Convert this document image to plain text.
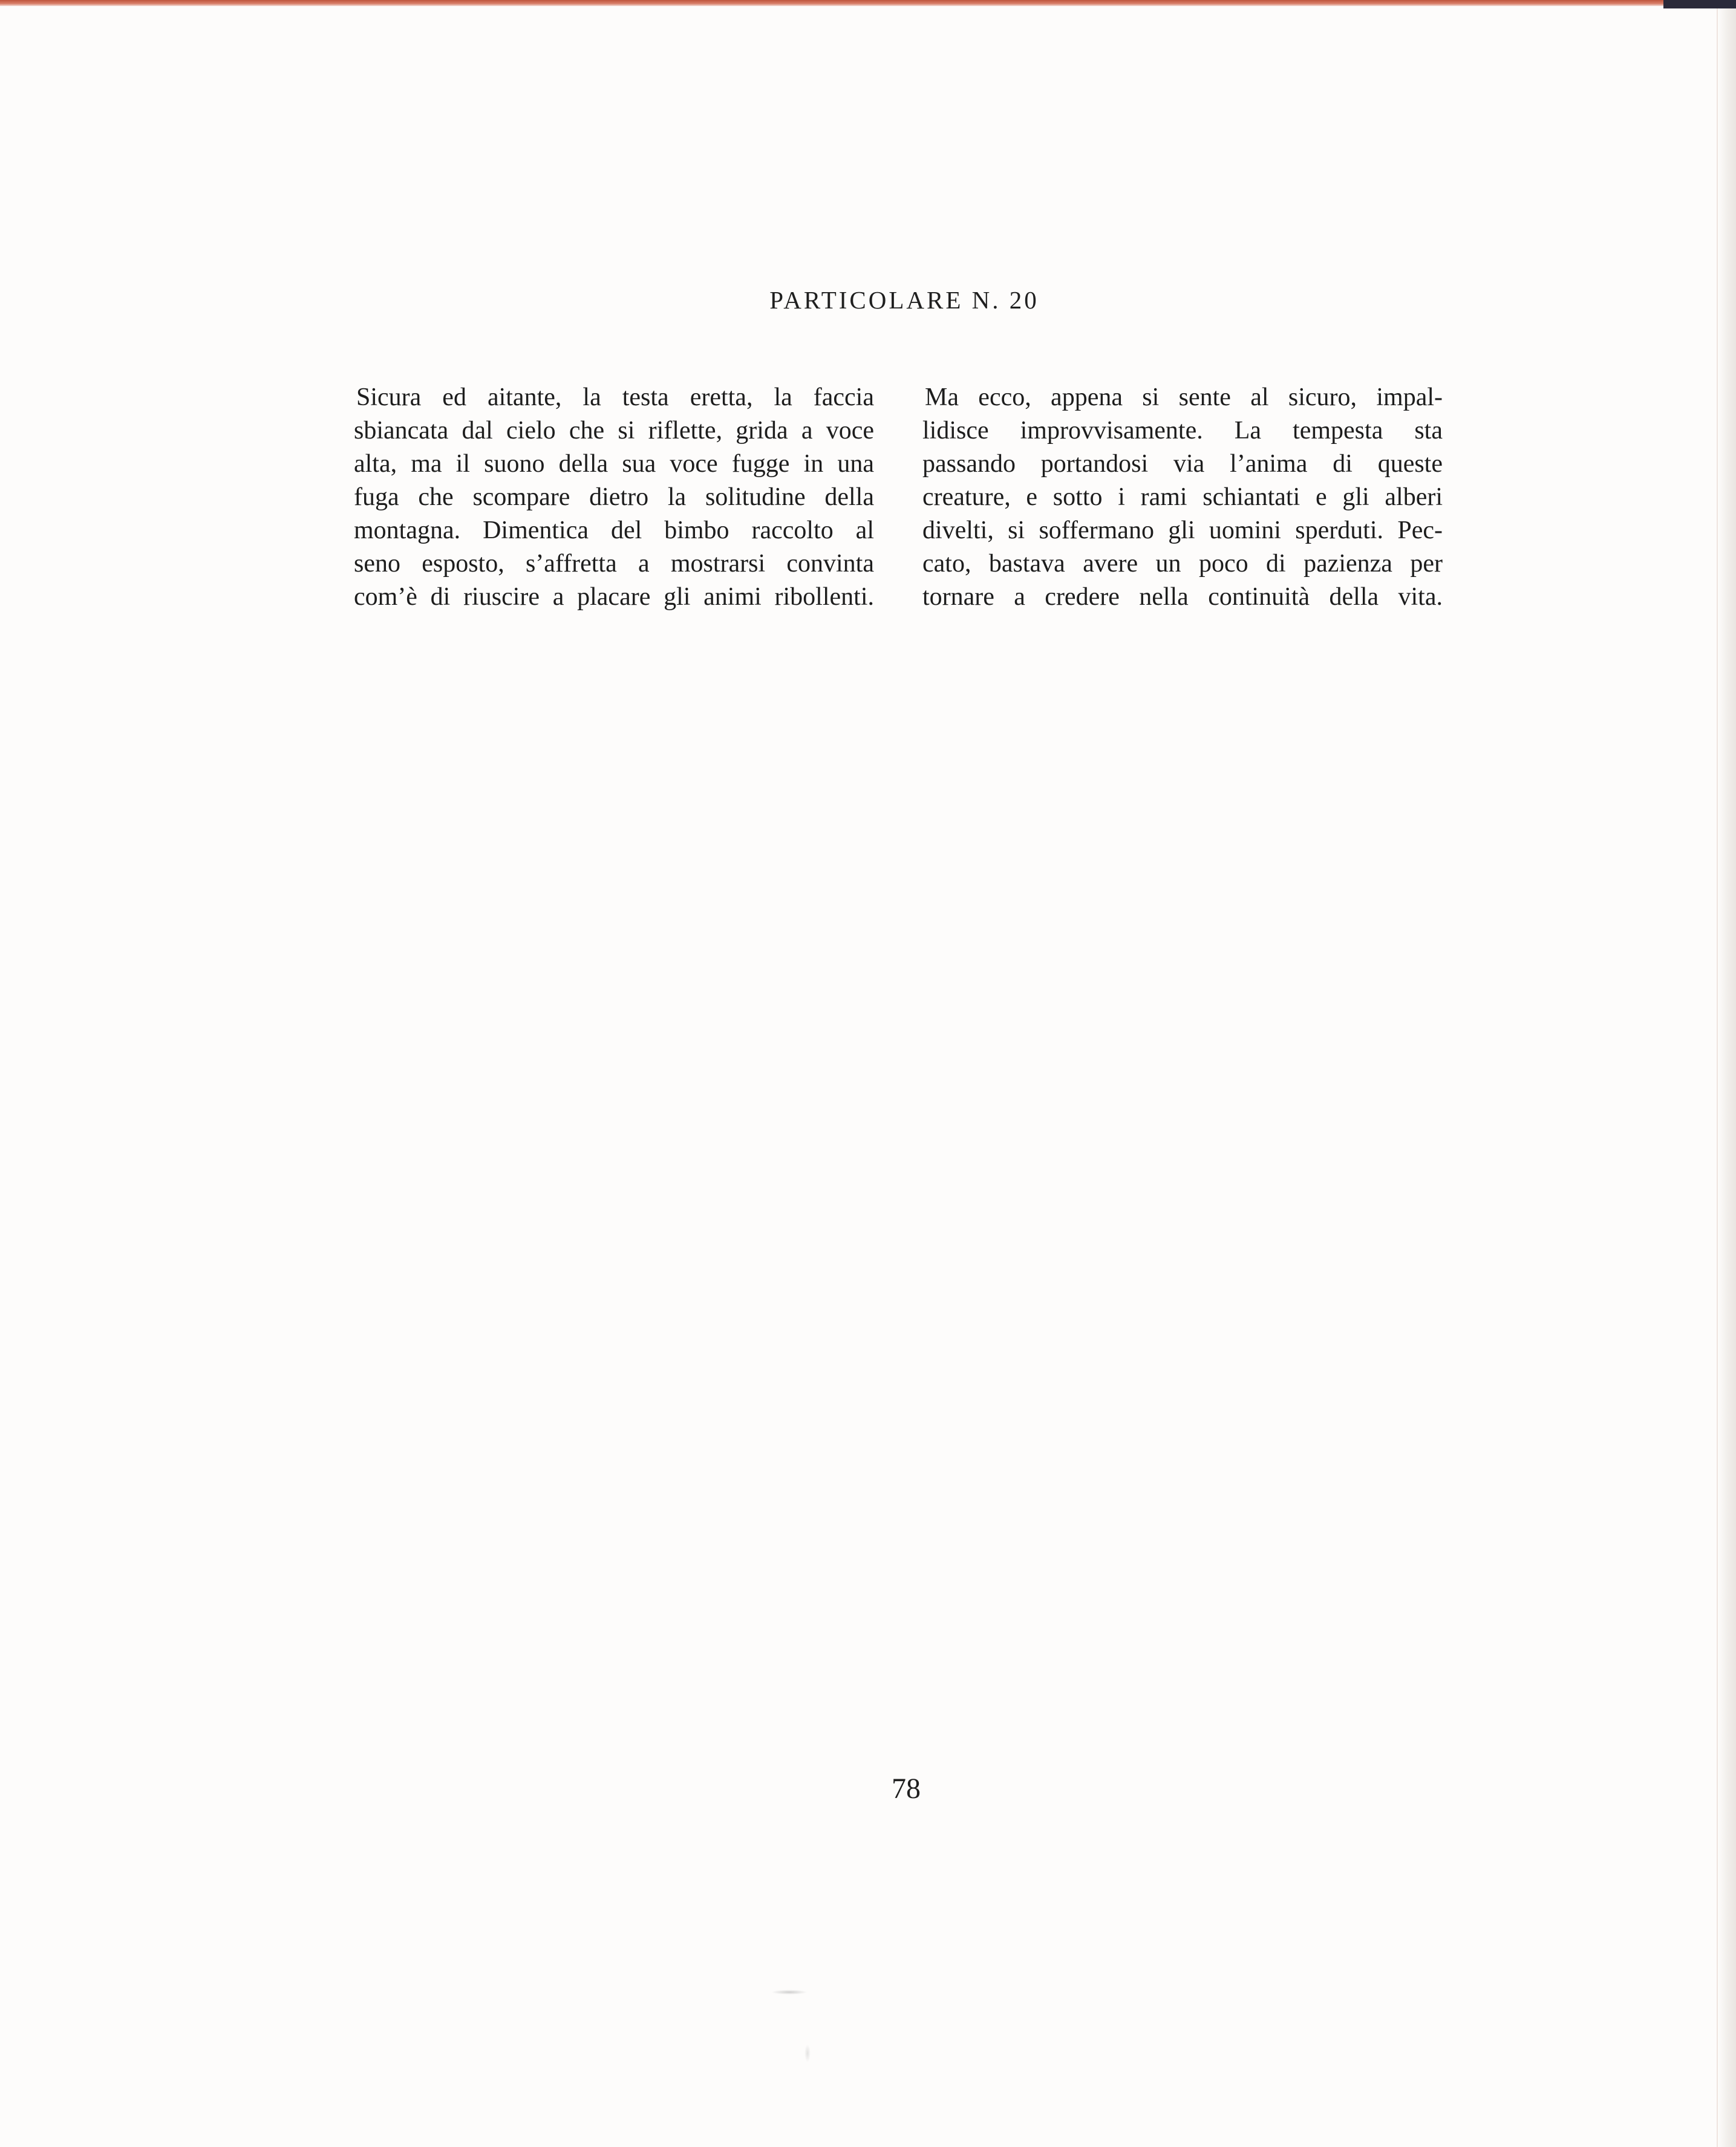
PARTICOLARE N. 20
Sicura ed aitante, la testa eretta, la faccia
sbiancata dal cielo che si riflette, grida a voce
alta, ma il suono della sua voce fugge in una
fuga che scompare dietro la solitudine della
montagna. Dimentica del bimbo raccolto al
seno esposto, s’affretta a mostrarsi convinta
com’è di riuscire a placare gli animi ribollenti.
Ma ecco, appena si sente al sicuro, impal-
lidisce improvvisamente. La tempesta sta
passando portandosi via l’anima di queste
creature, e sotto i rami schiantati e gli alberi
divelti, si soffermano gli uomini sperduti. Pec-
cato, bastava avere un poco di pazienza per
tornare a credere nella continuità della vita.
78
